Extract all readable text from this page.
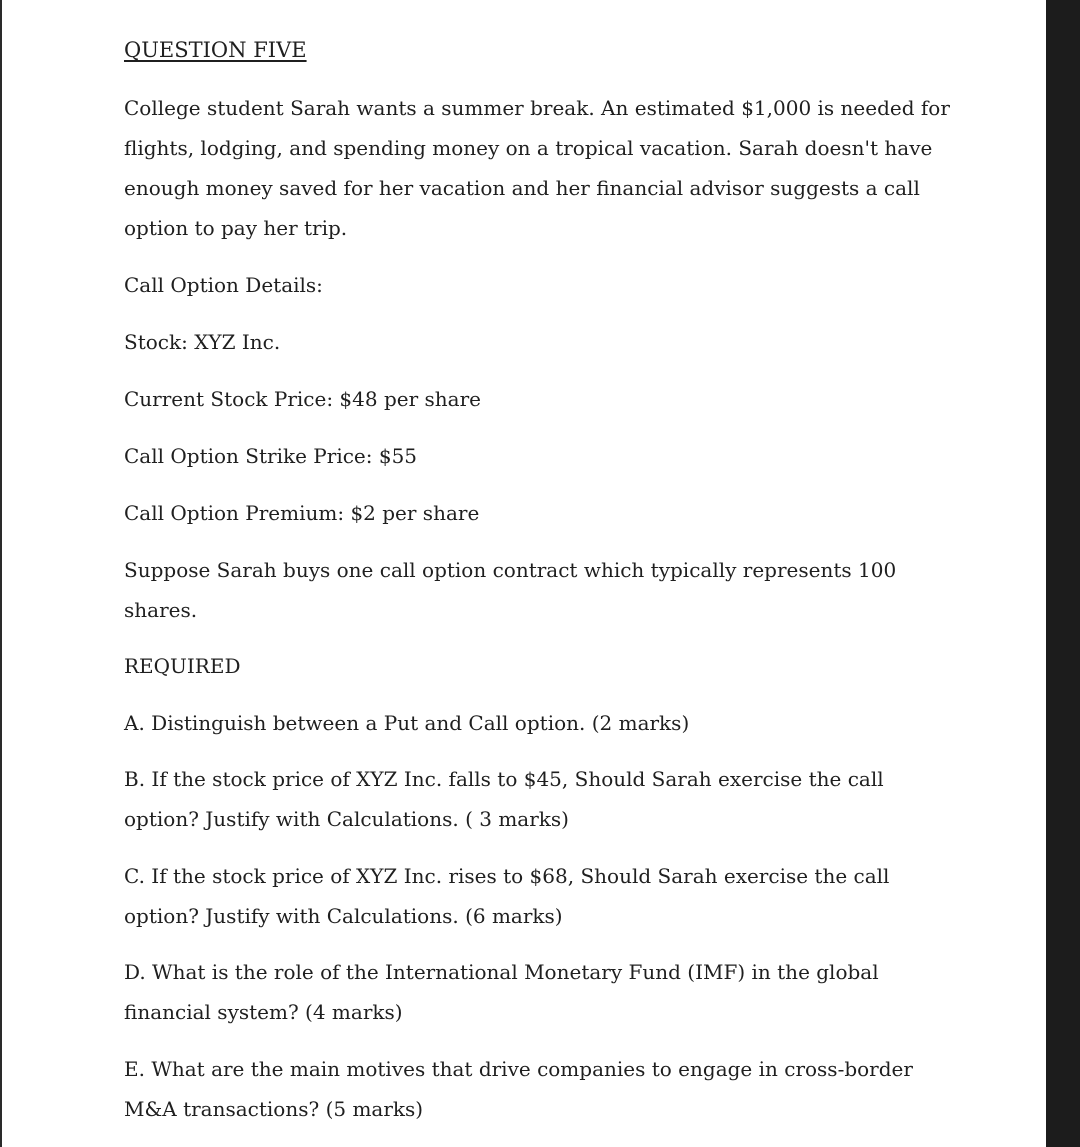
QUESTION FIVE
College student Sarah wants a summer break. An estimated $1,000 is needed for
flights, lodging, and spending money on a tropical vacation. Sarah doesn't have
enough money saved for her vacation and her financial advisor suggests a call
option to pay her trip.
Call Option Details:
Stock: XYZ Inc.
Current Stock Price: $48 per share
Call Option Strike Price: $55
Call Option Premium: $2 per share
Suppose Sarah buys one call option contract which typically represents 100
shares.
REQUIRED
A. Distinguish between a Put and Call option. (2 marks)
B. If the stock price of XYZ Inc. falls to $45, Should Sarah exercise the call
option? Justify with Calculations. ( 3 marks)
C. If the stock price of XYZ Inc. rises to $68, Should Sarah exercise the call
option? Justify with Calculations. (6 marks)
D. What is the role of the International Monetary Fund (IMF) in the global
financial system? (4 marks)
E. What are the main motives that drive companies to engage in cross-border
M&A transactions? (5 marks)
